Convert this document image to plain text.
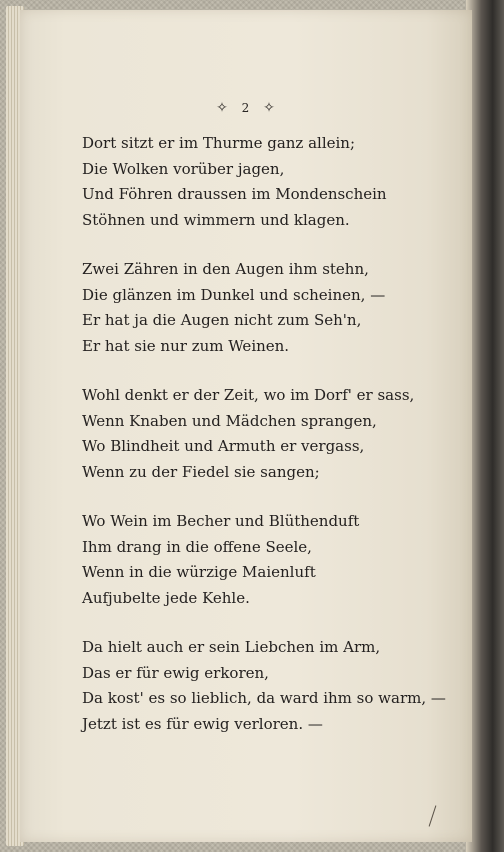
✧ 2 ✧
Dort sitzt er im Thurme ganz allein;
Die Wolken vorüber jagen,
Und Föhren draussen im Mondenschein
Stöhnen und wimmern und klagen.
Zwei Zähren in den Augen ihm stehn,
Die glänzen im Dunkel und scheinen, —
Er hat ja die Augen nicht zum Seh'n,
Er hat sie nur zum Weinen.
Wohl denkt er der Zeit, wo im Dorf' er sass,
Wenn Knaben und Mädchen sprangen,
Wo Blindheit und Armuth er vergass,
Wenn zu der Fiedel sie sangen;
Wo Wein im Becher und Blüthenduft
Ihm drang in die offene Seele,
Wenn in die würzige Maienluft
Aufjubelte jede Kehle.
Da hielt auch er sein Liebchen im Arm,
Das er für ewig erkoren,
Da kost' es so lieblich, da ward ihm so warm, —
Jetzt ist es für ewig verloren. —
